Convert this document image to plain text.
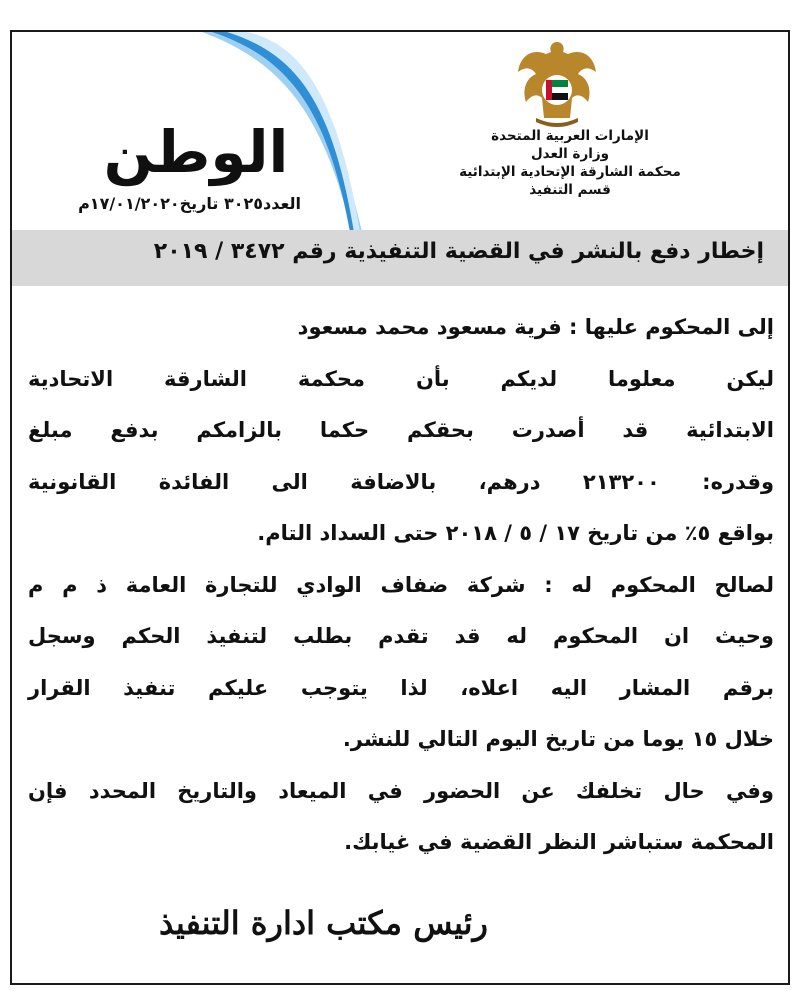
الوطن
العدد٣٠٢٥ تاريخ١٧/٠١/٢٠٢٠م
الإمارات العربية المتحدة
وزارة العدل
محكمة الشارقة الإتحادية الإبتدائية
قسم التنفيذ
إخطار دفع بالنشر في القضية التنفيذية رقم ٣٤٧٢ / ٢٠١٩
إلى المحكوم عليها : فرية مسعود محمد مسعود
ليكن معلوما لديكم بأن محكمة الشارقة الاتحادية
الابتدائية قد أصدرت بحقكم حكما بالزامكم بدفع مبلغ
وقدره: ٢١٣٢٠٠ درهم، بالاضافة الى الفائدة القانونية
بواقع ٥٪ من تاريخ ١٧ / ٥ / ٢٠١٨ حتى السداد التام.
لصالح المحكوم له : شركة ضفاف الوادي للتجارة العامة ذ م م
وحيث ان المحكوم له قد تقدم بطلب لتنفيذ الحكم وسجل
برقم المشار اليه اعلاه، لذا يتوجب عليكم تنفيذ القرار
خلال ١٥ يوما من تاريخ اليوم التالي للنشر.
وفي حال تخلفك عن الحضور في الميعاد والتاريخ المحدد فإن
المحكمة ستباشر النظر القضية في غيابك.
رئيس مكتب ادارة التنفيذ
